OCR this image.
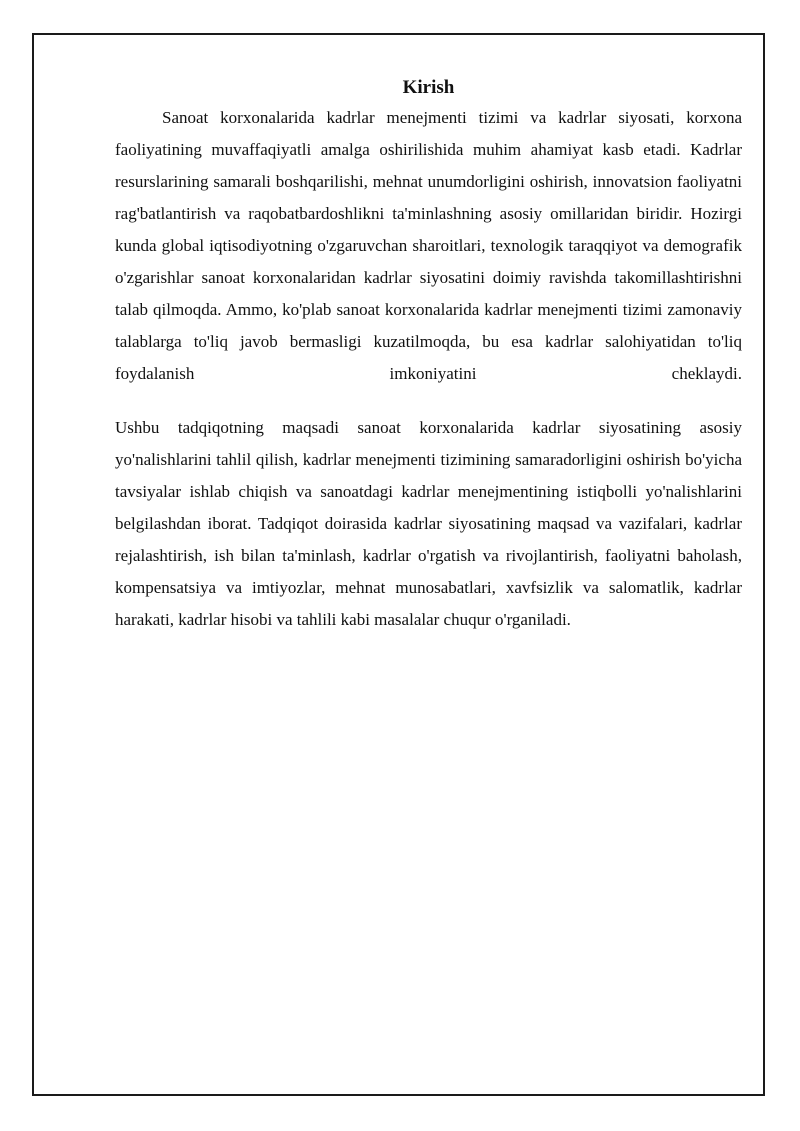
Kirish

Sanoat korxonalarida kadrlar menejmenti tizimi va kadrlar siyosati, korxona faoliyatining muvaffaqiyatli amalga oshirilishida muhim ahamiyat kasb etadi. Kadrlar resurslarining samarali boshqarilishi, mehnat unumdorligini oshirish, innovatsion faoliyatni rag'batlantirish va raqobatbardoshlikni ta'minlashning asosiy omillaridan biridir. Hozirgi kunda global iqtisodiyotning o'zgaruvchan sharoitlari, texnologik taraqqiyot va demografik o'zgarishlar sanoat korxonalaridan kadrlar siyosatini doimiy ravishda takomillashtirishni talab qilmoqda. Ammo, ko'plab sanoat korxonalarida kadrlar menejmenti tizimi zamonaviy talablarga to'liq javob bermasligi kuzatilmoqda, bu esa kadrlar salohiyatidan to'liq foydalanish imkoniyatini cheklaydi.

Ushbu tadqiqotning maqsadi sanoat korxonalarida kadrlar siyosatining asosiy yo'nalishlarini tahlil qilish, kadrlar menejmenti tizimining samaradorligini oshirish bo'yicha tavsiyalar ishlab chiqish va sanoatdagi kadrlar menejmentining istiqbolli yo'nalishlarini belgilashdan iborat. Tadqiqot doirasida kadrlar siyosatining maqsad va vazifalari, kadrlar rejalashtirish, ish bilan ta'minlash, kadrlar o'rgatish va rivojlantirish, faoliyatni baholash, kompensatsiya va imtiyozlar, mehnat munosabatlari, xavfsizlik va salomatlik, kadrlar harakati, kadrlar hisobi va tahlili kabi masalalar chuqur o'rganiladi.
